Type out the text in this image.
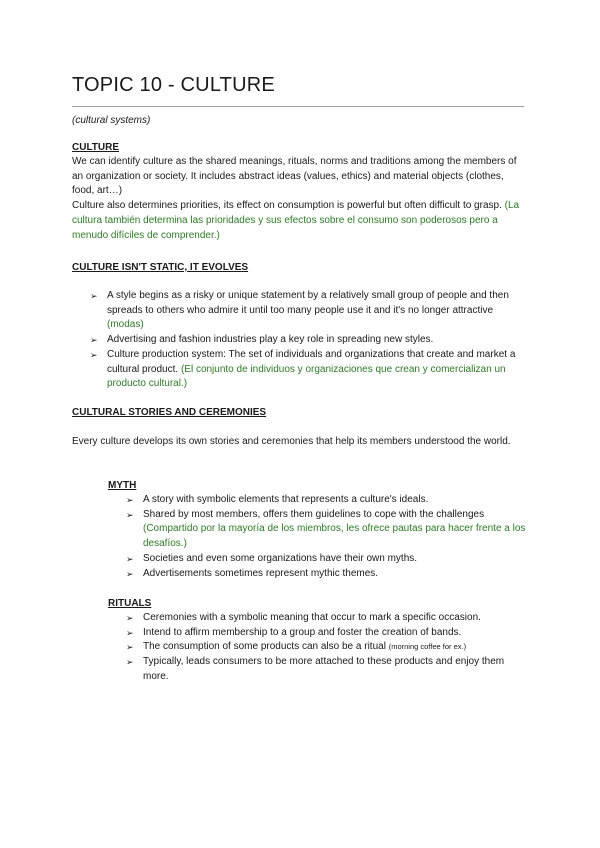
TOPIC 10 - CULTURE
(cultural systems)
CULTURE

We can identify culture as the shared meanings, rituals, norms and traditions among the members of an organization or society. It includes abstract ideas (values, ethics) and material objects (clothes, food, art…)

Culture also determines priorities, its effect on consumption is powerful but often difficult to grasp. (La cultura también determina las prioridades y sus efectos sobre el consumo son poderosos pero a menudo difíciles de comprender.)

CULTURE ISN'T STATIC, IT EVOLVES
➢ A style begins as a risky or unique statement by a relatively small group of people and then spreads to others who admire it until too many people use it and it's no longer attractive (modas)
➢ Advertising and fashion industries play a key role in spreading new styles.
➢ Culture production system: The set of individuals and organizations that create and market a cultural product. (El conjunto de individuos y organizaciones que crean y comercializan un producto cultural.)
CULTURAL STORIES AND CEREMONIES

Every culture develops its own stories and ceremonies that help its members understood the world.

MYTH
➢ A story with symbolic elements that represents a culture's ideals.
➢ Shared by most members, offers them guidelines to cope with the challenges (Compartido por la mayoría de los miembros, les ofrece pautas para hacer frente a los desafíos.)
➢ Societies and even some organizations have their own myths.
➢ Advertisements sometimes represent mythic themes.
RITUALS
➢ Ceremonies with a symbolic meaning that occur to mark a specific occasion.
➢ Intend to affirm membership to a group and foster the creation of bands.
➢ The consumption of some products can also be a ritual (morning coffee for ex.)
➢ Typically, leads consumers to be more attached to these products and enjoy them more.
